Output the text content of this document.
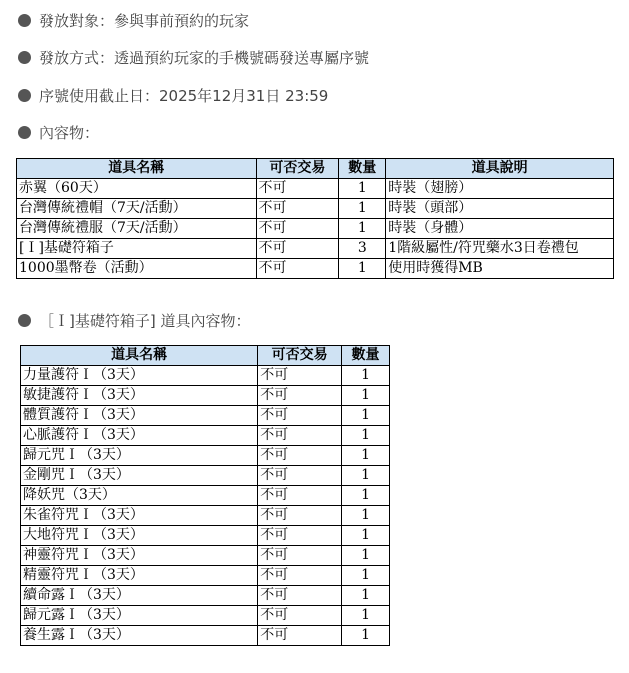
發放對象：參與事前預約的玩家
發放方式：透過預約玩家的手機號碼發送專屬序號
序號使用截止日：2025年12月31日 23:59
內容物：
道具名稱	可否交易	數量	道具說明
赤翼（60天）	不可	1	時裝（翅膀）
台灣傳統禮帽（7天/活動）	不可	1	時裝（頭部）
台灣傳統禮服（7天/活動）	不可	1	時裝（身體）
[Ｉ]基礎符箱子	不可	3	1階級屬性/符咒藥水3日卷禮包
1000墨幣卷（活動）	不可	1	使用時獲得MB
［Ｉ]基礎符箱子] 道具內容物：
道具名稱	可否交易	數量
力量護符Ｉ（3天）	不可	1
敏捷護符Ｉ（3天）	不可	1
體質護符Ｉ（3天）	不可	1
心脈護符Ｉ（3天）	不可	1
歸元咒Ｉ（3天）	不可	1
金剛咒Ｉ（3天）	不可	1
降妖咒（3天）	不可	1
朱雀符咒Ｉ（3天）	不可	1
大地符咒Ｉ（3天）	不可	1
神靈符咒Ｉ（3天）	不可	1
精靈符咒Ｉ（3天）	不可	1
續命露Ｉ（3天）	不可	1
歸元露Ｉ（3天）	不可	1
養生露Ｉ（3天）	不可	1
